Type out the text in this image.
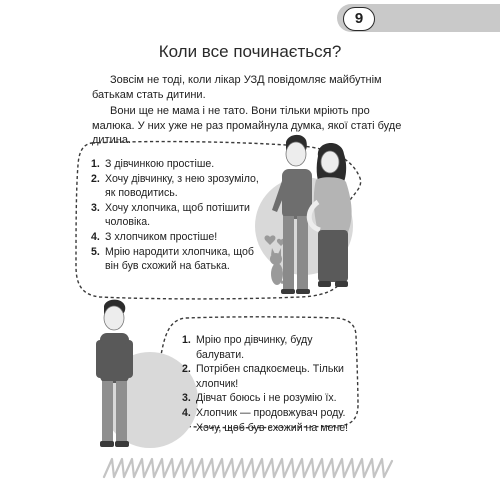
9
Коли все починається?

Зовсім не тоді, коли лікар УЗД повідомляє майбутнім батькам стать дитини.

Вони ще не мама і не тато. Вони тільки мріють про малюка. У них уже не раз промайнула думка, якої статі буде дитина.

1. З дівчинкою простіше.
2. Хочу дівчинку, з нею зрозуміло, як поводитись.
3. Хочу хлопчика, щоб потішити чоловіка.
4. З хлопчиком простіше!
5. Мрію народити хлопчика, щоб він був схожий на батька.
1. Мрію про дівчинку, буду балувати.
2. Потрібен спадкоємець. Тільки хлопчик!
3. Дівчат боюсь і не розумію їх.
4. Хлопчик — продовжувач роду. Хочу, щоб був схожий на мене!
